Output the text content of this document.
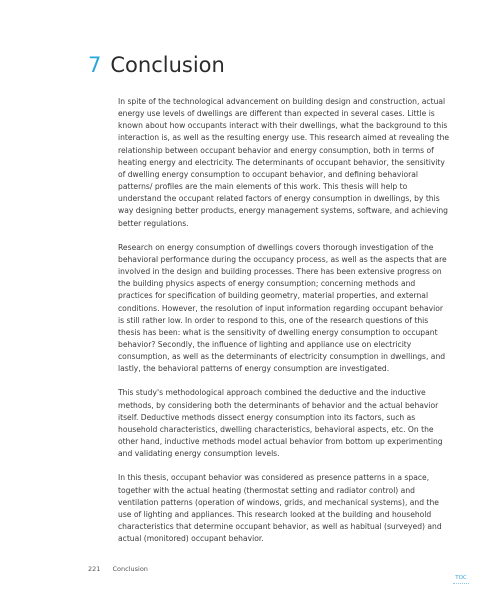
7 Conclusion

In spite of the technological advancement on building design and construction, actual energy use levels of dwellings are different than expected in several cases. Little is known about how occupants interact with their dwellings, what the background to this interaction is, as well as the resulting energy use. This research aimed at revealing the relationship between occupant behavior and energy consumption, both in terms of heating energy and electricity. The determinants of occupant behavior, the sensitivity of dwelling energy consumption to occupant behavior, and defining behavioral patterns/ profiles are the main elements of this work. This thesis will help to understand the occupant related factors of energy consumption in dwellings, by this way designing better products, energy management systems, software, and achieving better regulations.

Research on energy consumption of dwellings covers thorough investigation of the behavioral performance during the occupancy process, as well as the aspects that are involved in the design and building processes. There has been extensive progress on the building physics aspects of energy consumption; concerning methods and practices for specification of building geometry, material properties, and external conditions. However, the resolution of input information regarding occupant behavior is still rather low. In order to respond to this, one of the research questions of this thesis has been: what is the sensitivity of dwelling energy consumption to occupant behavior? Secondly, the influence of lighting and appliance use on electricity consumption, as well as the determinants of electricity consumption in dwellings, and lastly, the behavioral patterns of energy consumption are investigated.

This study's methodological approach combined the deductive and the inductive methods, by considering both the determinants of behavior and the actual behavior itself. Deductive methods dissect energy consumption into its factors, such as household characteristics, dwelling characteristics, behavioral aspects, etc. On the other hand, inductive methods model actual behavior from bottom up experimenting and validating energy consumption levels.

In this thesis, occupant behavior was considered as presence patterns in a space, together with the actual heating (thermostat setting and radiator control) and ventilation patterns (operation of windows, grids, and mechanical systems), and the use of lighting and appliances. This research looked at the building and household characteristics that determine occupant behavior, as well as habitual (surveyed) and actual (monitored) occupant behavior.

221 Conclusion
TOC
